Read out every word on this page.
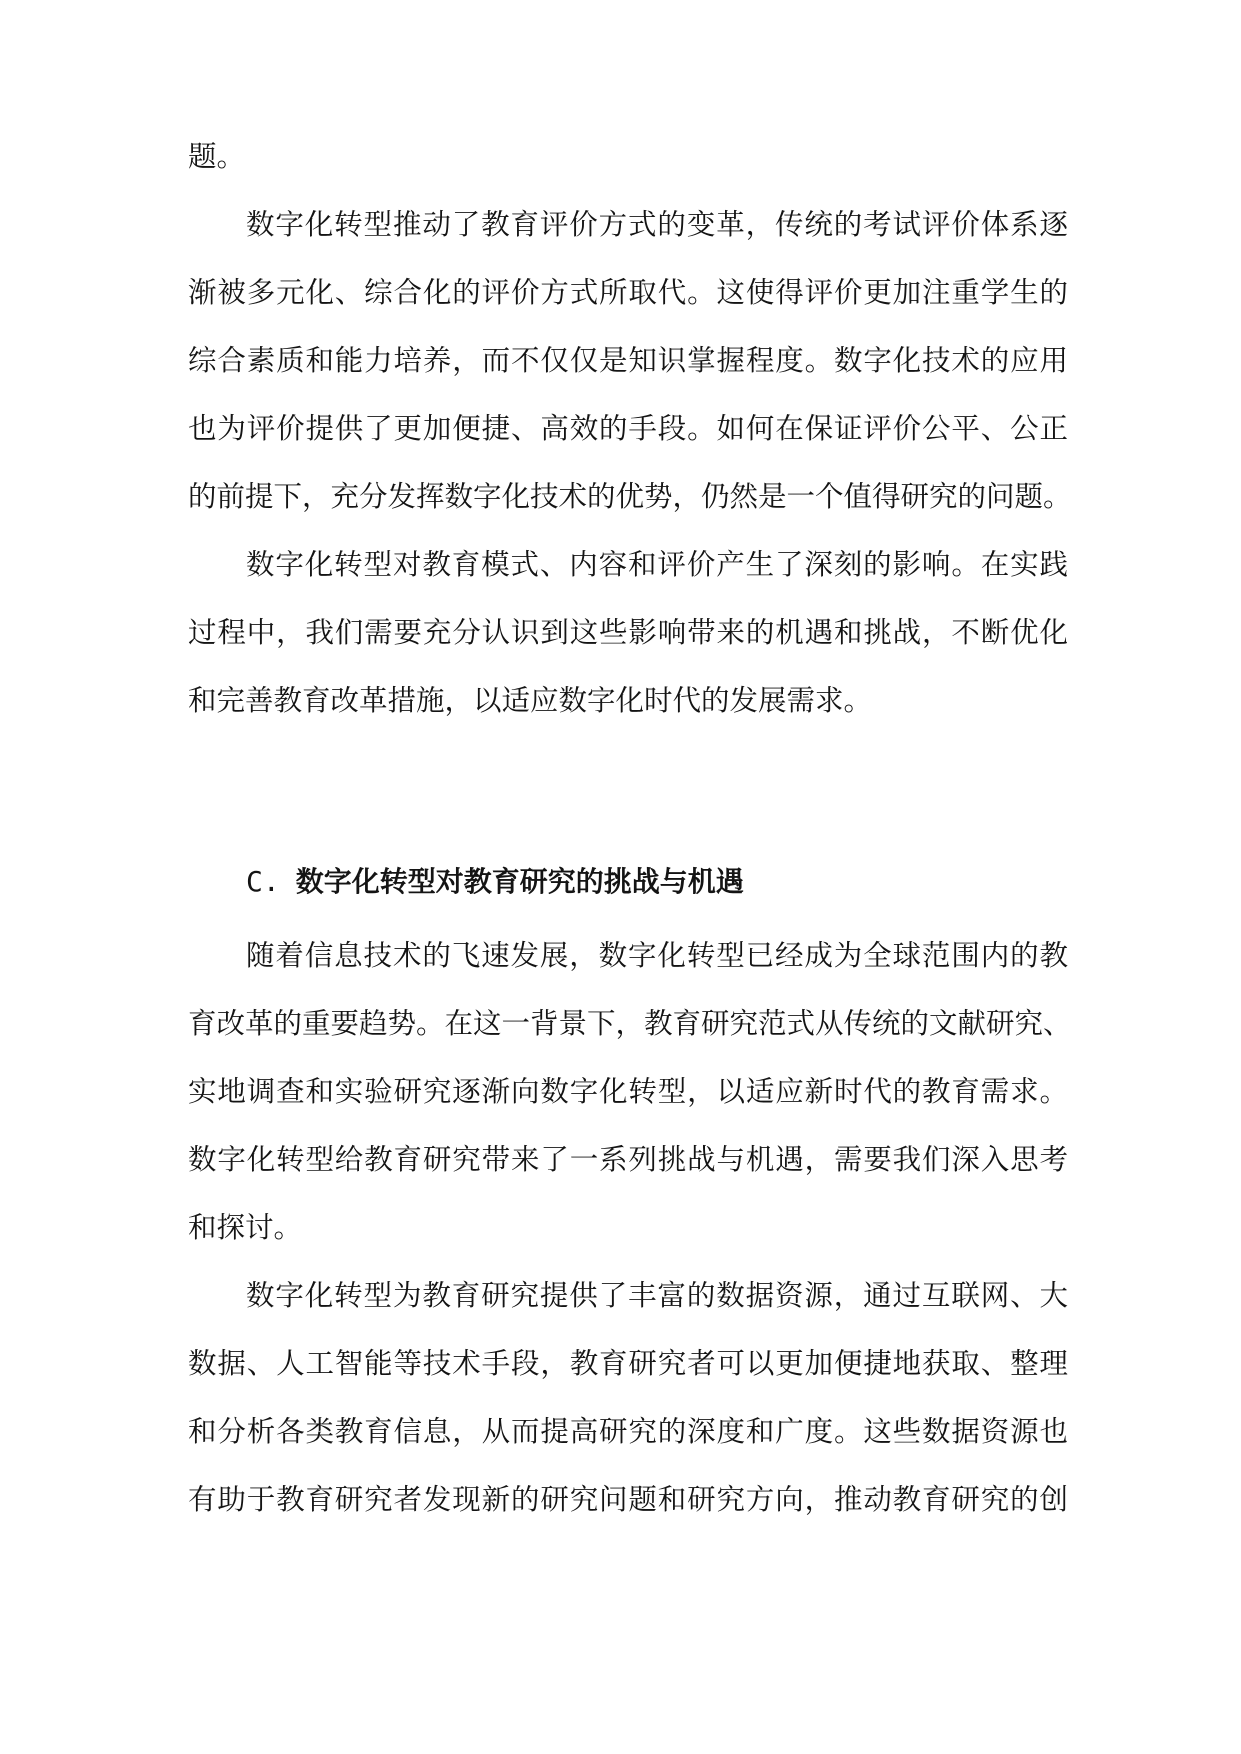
题。
数字化转型推动了教育评价方式的变革，传统的考试评价体系逐
渐被多元化、综合化的评价方式所取代。这使得评价更加注重学生的
综合素质和能力培养，而不仅仅是知识掌握程度。数字化技术的应用
也为评价提供了更加便捷、高效的手段。如何在保证评价公平、公正
的前提下，充分发挥数字化技术的优势，仍然是一个值得研究的问题。
数字化转型对教育模式、内容和评价产生了深刻的影响。在实践
过程中，我们需要充分认识到这些影响带来的机遇和挑战，不断优化
和完善教育改革措施，以适应数字化时代的发展需求。
C. 数字化转型对教育研究的挑战与机遇
随着信息技术的飞速发展，数字化转型已经成为全球范围内的教
育改革的重要趋势。在这一背景下，教育研究范式从传统的文献研究、
实地调查和实验研究逐渐向数字化转型，以适应新时代的教育需求。
数字化转型给教育研究带来了一系列挑战与机遇，需要我们深入思考
和探讨。
数字化转型为教育研究提供了丰富的数据资源，通过互联网、大
数据、人工智能等技术手段，教育研究者可以更加便捷地获取、整理
和分析各类教育信息，从而提高研究的深度和广度。这些数据资源也
有助于教育研究者发现新的研究问题和研究方向，推动教育研究的创
